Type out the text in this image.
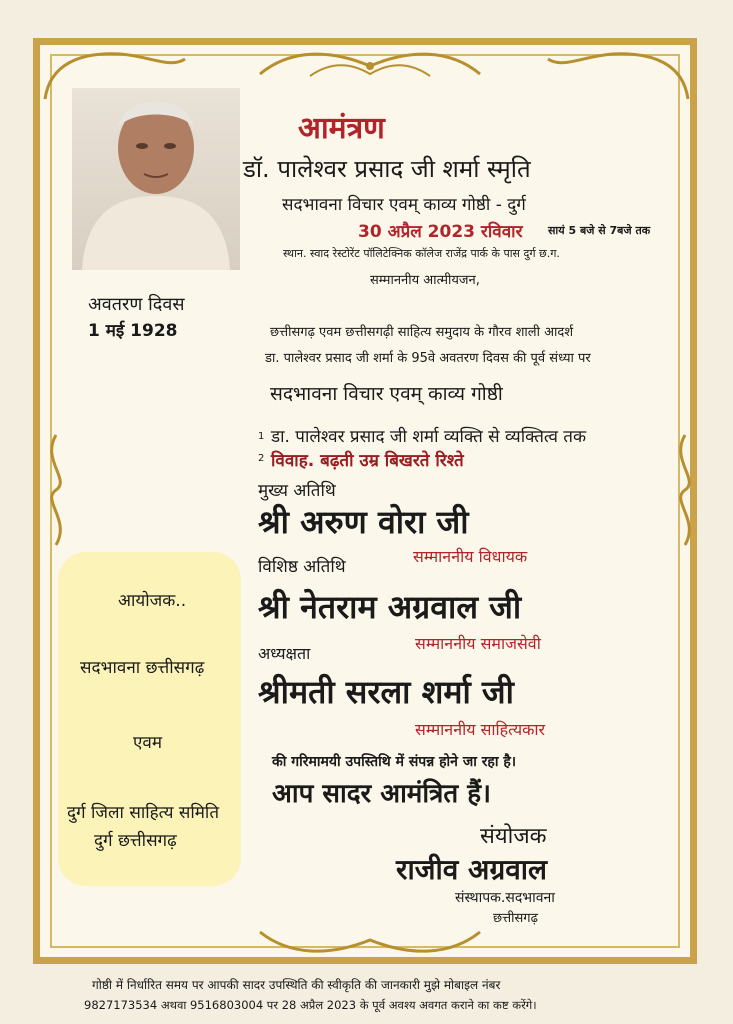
अवतरण दिवस
1 मई 1928
आमंत्रण
डॉ. पालेश्वर प्रसाद जी शर्मा स्मृति
सदभावना विचार एवम् काव्य गोष्ठी - दुर्ग
30 अप्रैल 2023 रविवार सायं 5 बजे से 7बजे तक
स्थान. स्वाद रेस्टोरेंट पॉलिटेक्निक कॉलेज राजेंद्र पार्क के पास दुर्ग छ.ग.
सम्माननीय आत्मीयजन,
छत्तीसगढ़ एवम छत्तीसगढ़ी साहित्य समुदाय के गौरव शाली आदर्श
डा. पालेश्वर प्रसाद जी शर्मा के 95वे अवतरण दिवस की पूर्व संध्या पर
सदभावना विचार एवम् काव्य गोष्ठी
1 डा. पालेश्वर प्रसाद जी शर्मा व्यक्ति से व्यक्तित्व तक
2 विवाह. बढ़ती उम्र बिखरते रिश्ते
मुख्य अतिथि
श्री अरुण वोरा जी
सम्माननीय विधायक
विशिष्ठ अतिथि
श्री नेतराम अग्रवाल जी
सम्माननीय समाजसेवी
अध्यक्षता
श्रीमती सरला शर्मा जी
सम्माननीय साहित्यकार
की गरिमामयी उपस्तिथि में संपन्न होने जा रहा है।
आप सादर आमंत्रित हैं।
संयोजक
राजीव अग्रवाल
संस्थापक.सदभावना
छत्तीसगढ़
आयोजक..
सदभावना छत्तीसगढ़
एवम
दुर्ग जिला साहित्य समिति
दुर्ग छत्तीसगढ़
गोष्ठी में निर्धारित समय पर आपकी सादर उपस्थिति की स्वीकृति की जानकारी मुझे मोबाइल नंबर
9827173534 अथवा 9516803004 पर 28 अप्रैल 2023 के पूर्व अवश्य अवगत कराने का कष्ट करेंगे।
